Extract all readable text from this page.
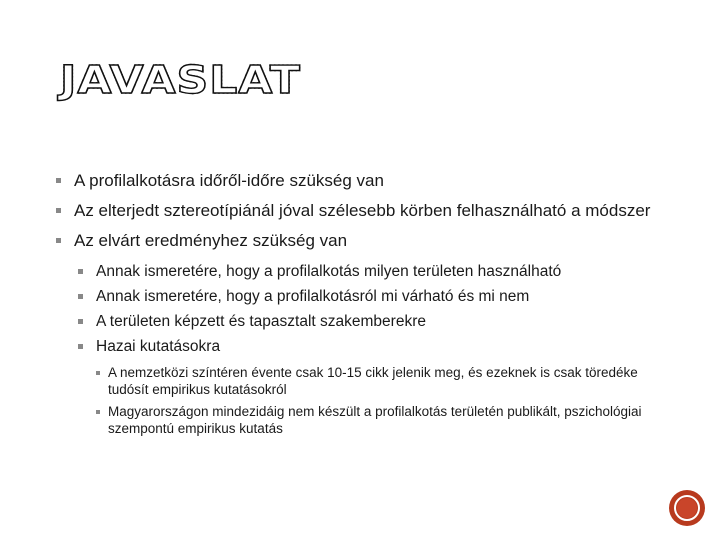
JAVASLAT
A profilalkotásra időről-időre szükség van
Az elterjedt sztereotípiánál jóval szélesebb körben felhasználható a módszer
Az elvárt eredményhez szükség van
Annak ismeretére, hogy a profilalkotás milyen területen használható
Annak ismeretére, hogy a profilalkotásról mi várható és mi nem
A területen képzett és tapasztalt szakemberekre
Hazai kutatásokra
A nemzetközi színtéren évente csak 10-15 cikk jelenik meg, és ezeknek is csak töredéke tudósít empirikus kutatásokról
Magyarországon mindezidáig nem készült a profilalkotás területén publikált, pszichológiai szempontú empirikus kutatás
